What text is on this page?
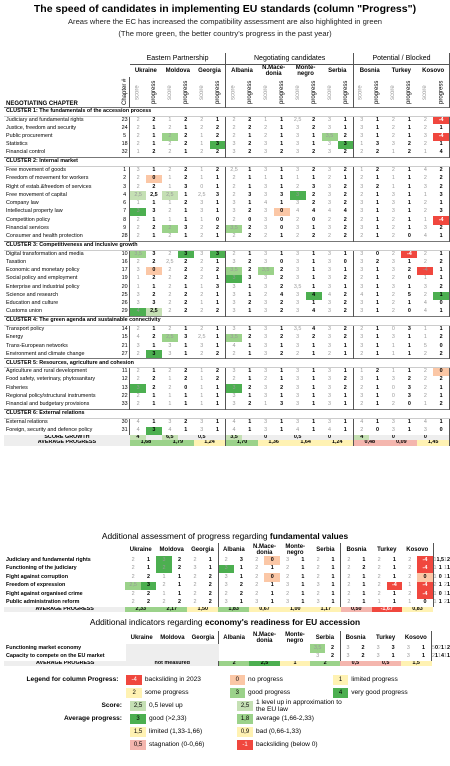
The speed of candidates in implementing EU standards (column "Progress")
Areas where the EC has increased the compatibility assessment are also highlighted in green
(The more green, the better country's progress in the past year)
		Eastern Partnership						Negotiating candidates								Potential / Blocked					
		Ukraine		Moldova		Georgia		Albania		N.Mace-donia		Monte-negro		Serbia		Bosnia		Turkey		Kosovo	
NEGOTIATING CHAPTER	Chapter #	score	progress	score	progress	score	progress	score	progress	score	progress	score	progress	score	progress	score	progress	score	progress	score	progress
CLUSTER 1: The fundamentals of the accession process																					
Judiciary and fundamental rights	23	2	2	1	2	2	1	2	2	1	1	2,5	2	3	1	3	1	2	1	2	-4
Justice, freedom and security	24	2	1	2	1	2	2	2	2	2	1	3	2	3	1	3	1	2	1	2	1
Public procurement	5	2	1	2	2	1	2	2	1	2	1	3	1	3,5	2	3	1	2	1	3	-4
Statistics	18	2	1	2	2	1	3	3	2	3	1	3	1	3	3	1	3	3	2	2	1
Financial control	32	1	2	2	1	2	2	3	2	3	2	3	2	3	2	2	2	1	2	1	4
CLUSTER 2: Internal market																					
Free movement of goods	1	3	1	2	2	1	2	2,5	1	3	1	3	2	3	2	1	2	2	1	4	2
Freedom of movement for workers	2	2	0	1	2	1	1	2	1	1	1	1	1	2	1	2	1	1	1	2	2
Right of estab.&freedom of services	3	2	2	1	3	0	1	2	1	3	1	2	3	3	2	3	2	1	1	3	2
Free movement of capital	4	2,5	2,5	2,5	1	2,5	3	2	3	3	3	3	2	3	2	2	1	3	1	1	3
Company law	6	1	1	1	2	3	1	3	1	4	1	3	2	3	2	3	1	3	1	2	1
Intellectual property law	7	3	3	2	1	3	1	3	2	3	0	4	4	4	4	3	1	3	1	2	3
Competition policy	8	2	1	1	1	1	0	2	0	3	0	2	0	2	2	2	1	2	1	1	-4
Financial services	9	2	2	2	3	2	2	3,5	2	3	0	3	1	3	2	3	1	2	1	3	2
Consumer and health protection	28	2	1	2	1	2	1	2	2	2	1	2	2	2	2	2	1	2	0	4	1
CLUSTER 3: Competitiveness and inclusive growth																					
Digital transformation and media	10	3,5	3	2	3	3	3	2	1	3	1	3	1	3	1	3	0	2	-4	2	1
Taxation	16	2	2	2,5	2	2	1	3	2	3	0	3	1	3	0	3	2	3	1	2	2
Economic and monetary policy	17	3	0	2	2	2	2	3,5	2	3,5	2	3	1	3	1	3	1	3	2	-4	1
Social policy and employment	19	1	2	2	2	2	1	3	3	3	2	3	1	3	2	2	1	2	0	1	1
Enterprise and industrial policy	20	1	1	2	1	1	3	3	1	3	2	3,5	1	3	1	3	1	3	1	3	2
Science and research	25	3	2	2	2	2	1	3	1	2	4	3	4	4	2	4	1	2	5	2	1
Education and culture	26	3	3	2	2	1	1	3	2	3	2	3	1	3	2	3	1	2	1	4	0
Customs union	29	4	2,5	2	2	2	2	3	1	3	2	3	4	3	2	3	1	2	0	4	1
CLUSTER 4: The green agenda and sustainable connectivity																					
Transport policy	14	2	1	2	1	2	1	3	1	3	1	3,5	4	3	2	2	1	0	3	1	1
Energy	15	4	2	2,5	3	2,5	1	3,5	2	3	2	3	2	3	2	3	1	3	1	1	2
Trans-European networks	21	3	1	3	1	3	1	4	1	3	1	3	1	3	1	3	1	1	1	5	0
Environment and climate change	27	2	3	3	1	2	2	2	1	3	2	2	1	2	1	2	1	1	1	2	2
CLUSTER 5: Resources, agriculture and cohesion																					
Agriculture and rural development	11	2	1	2	2	1	2	3	1	3	1	3	1	3	1	1	2	1	1	2	0
Food safety, veterinary, phytosanitary	12	2	2	1	2	1	2	2	1	2	1	3	1	3	2	3	1	3	2	2	2
Fisheries	13	3	2	2	0	1	1	3	2	3	2	3	1	3	2	2	1	0	3	2	1
Regional policy/structural instruments	22	2	1	1	1	1	1	3	1	3	1	3	1	3	1	3	1	0	3	2	1
Financial and budgetary provisions	33	2	1	1	1	1	1	3	2	1	3	3	1	3	1	2	1	2	0	1	2
CLUSTER 6: External relations																					
External relations	30	4	1	3	2	3	1	4	1	3	1	3	1	3	1	4	1	3	1	4	1
Foreign, security and defence policy	31	4	3	4	1	3	1	4	1	3	1	4	1	4	1	2	0	3	1	3	0
SCORE GROWTH		4		6,5		0,5		3,5		0		0,5		0		4		0		0	
AVERAGE PROGRESS		1,68		1,79		1,24		1,70		1,36		1,64		1,24		0,48		0,09		1,45	
Additional assessment of progress regarding fundamental values
	Ukraine		Moldova		Georgia		Albania		N.Mace-donia		Monte-negro		Serbia		Bosnia		Turkey		Kosovo					
Judiciary and fundamental rights	2	1	3	2	2	1	2	3	2	0	3	1	2	1	2	1	2	1	2	-4	1	1,5	1	2
Functioning of the judiciary	2	1	2	2	3	1	3	1	2	1	2	1	2	1	2	2	2	1	2	-4	1	1	1	1
Fight against corruption	2	2	1	1	2	2	3	1	2	0	2	1	2	1	2	1	2	1	2	0	1	0	1	1
Freedom of expression	2,5	3	2	1	2	2	3	2	2	1	3	1	3	1	2	1	2	-4	1	-4	2	1	2	1
Fight against organised crime	2	2	1	1	2	2	2	2	2	1	2	1	2	1	2	1	2	1	2	-4	1	0	1	1
Public administration reform	2	2	2	2	2	2	3	1	3	1	3	1	3	1	2	1	1	1	1	0	1	1	2	1
AVERAGE PROGRESS	2,33		2,17		1,50		1,83		0,67		1,00		1,17		0,50		-1,67		0,83					
Additional indicators regarding economy's readiness for EU accession
	Ukraine	Moldova	Georgia	Albania		N.Mace-donia		Monte-negro		Serbia		Bosnia		Turkey		Kosovo							
Functioning market economy										3,5	2	3	2	3	3	3	1	5	0	2	1	1	2
Capacity to compete on the EU market										3	2	3	2	3	1	3	1	2	1	1	4	1	1
AVERAGE PROGRESS	not measured			2		2,5		1		2		0,5		0,5		1,5							
Legend for column Progress:	-4	backsliding in 2023	0	no progress	1	limited progress
2	some progress	3	good progress	4	very good progress
Score:	2,5	0,5 level up	2,5	1 level up in approximation to the EU law
Average progress:	3	good (>2,33)	1,8	average (1,66-2,33)
1,5	limited (1,33-1,66)	0,9	bad (0,66-1,33)
0,5	stagnation (0-0,66)	-1	backsliding (below 0)
